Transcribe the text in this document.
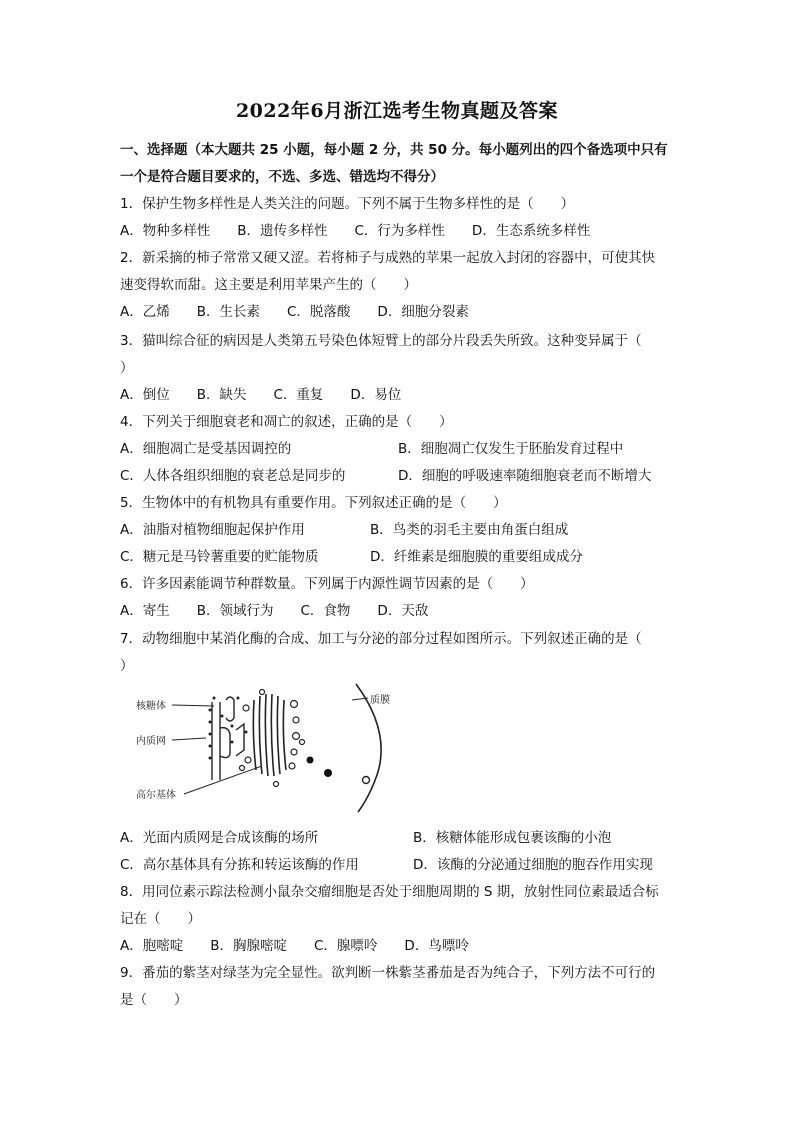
2022年6月浙江选考生物真题及答案
一、选择题（本大题共 25 小题，每小题 2 分，共 50 分。每小题列出的四个备选项中只有
一个是符合题目要求的，不选、多选、错选均不得分）
1．保护生物多样性是人类关注的问题。下列不属于生物多样性的是（　　）
A．物种多样性　　B．遗传多样性　　C．行为多样性　　D．生态系统多样性
2．新采摘的柿子常常又硬又涩。若将柿子与成熟的苹果一起放入封闭的容器中，可使其快
速变得软而甜。这主要是利用苹果产生的（　　）
A．乙烯　　B．生长素　　C．脱落酸　　D．细胞分裂素
3．猫叫综合征的病因是人类第五号染色体短臂上的部分片段丢失所致。这种变异属于（
）
A．倒位　　B．缺失　　C．重复　　D．易位
4．下列关于细胞衰老和凋亡的叙述，正确的是（　　）
A．细胞凋亡是受基因调控的	B．细胞凋亡仅发生于胚胎发育过程中
C．人体各组织细胞的衰老总是同步的	D．细胞的呼吸速率随细胞衰老而不断增大
5．生物体中的有机物具有重要作用。下列叙述正确的是（　　）
A．油脂对植物细胞起保护作用	B．鸟类的羽毛主要由角蛋白组成
C．糖元是马铃薯重要的贮能物质	D．纤维素是细胞膜的重要组成成分
6．许多因素能调节种群数量。下列属于内源性调节因素的是（　　）
A．寄生　　B．领域行为　　C．食物　　D．天敌
7．动物细胞中某消化酶的合成、加工与分泌的部分过程如图所示。下列叙述正确的是（
）
核糖体
内质网
高尔基体
质膜
A．光面内质网是合成该酶的场所	B．核糖体能形成包裹该酶的小泡
C．高尔基体具有分拣和转运该酶的作用	D．该酶的分泌通过细胞的胞吞作用实现
8．用同位素示踪法检测小鼠杂交瘤细胞是否处于细胞周期的 S 期，放射性同位素最适合标
记在（　　）
A．胞嘧啶　　B．胸腺嘧啶　　C．腺嘌呤　　D．鸟嘌呤
9．番茄的紫茎对绿茎为完全显性。欲判断一株紫茎番茄是否为纯合子，下列方法不可行的
是（　　）
